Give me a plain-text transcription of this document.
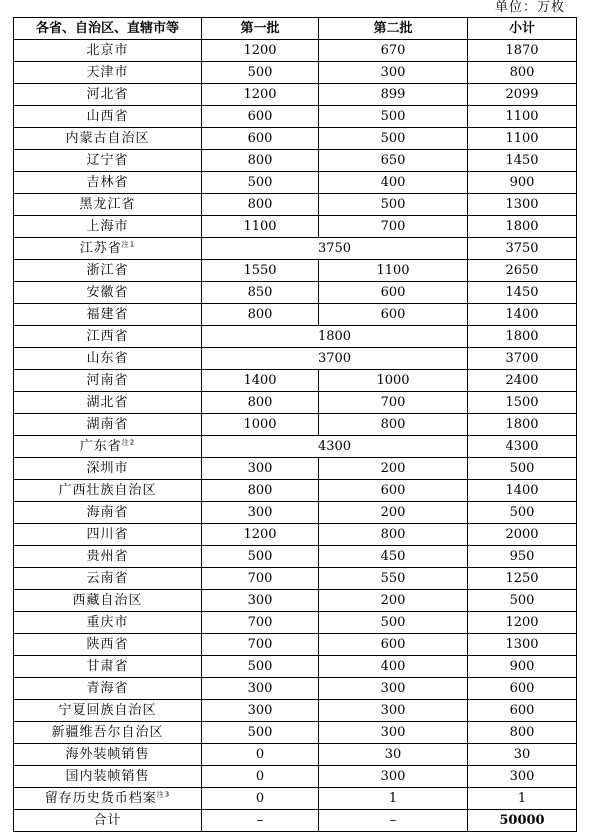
单位：万枚
各省、自治区、直辖市等	第一批	第二批	小计
北京市	1200	670	1870
天津市	500	300	800
河北省	1200	899	2099
山西省	600	500	1100
内蒙古自治区	600	500	1100
辽宁省	800	650	1450
吉林省	500	400	900
黑龙江省	800	500	1300
上海市	1100	700	1800
江苏省$^{注1}$	3750		3750
浙江省	1550	1100	2650
安徽省	850	600	1450
福建省	800	600	1400
江西省	1800		1800
山东省	3700		3700
河南省	1400	1000	2400
湖北省	800	700	1500
湖南省	1000	800	1800
广东省$^{注2}$	4300		4300
深圳市	300	200	500
广西壮族自治区	800	600	1400
海南省	300	200	500
四川省	1200	800	2000
贵州省	500	450	950
云南省	700	550	1250
西藏自治区	300	200	500
重庆市	700	500	1200
陕西省	700	600	1300
甘肃省	500	400	900
青海省	300	300	600
宁夏回族自治区	300	300	600
新疆维吾尔自治区	500	300	800
海外装帧销售	0	30	30
国内装帧销售	0	300	300
留存历史货币档案$^{注3}$	0	1	1
合计	–	–	50000
